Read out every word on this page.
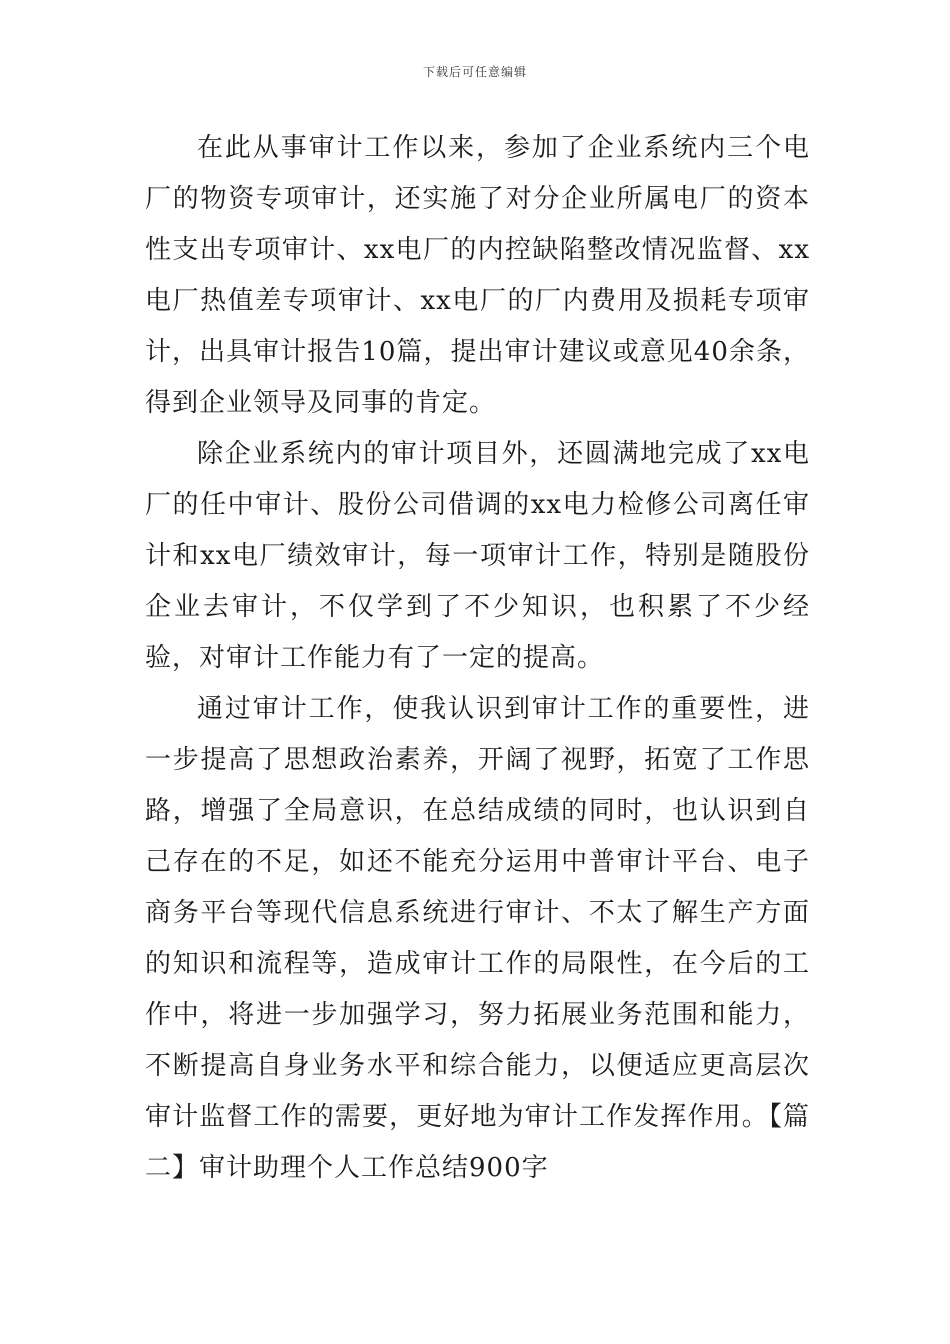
下载后可任意编辑

在此从事审计工作以来，参加了企业系统内三个电厂的物资专项审计，还实施了对分企业所属电厂的资本性支出专项审计、xx电厂的内控缺陷整改情况监督、xx电厂热值差专项审计、xx电厂的厂内费用及损耗专项审计，出具审计报告10篇，提出审计建议或意见40余条，得到企业领导及同事的肯定。

除企业系统内的审计项目外，还圆满地完成了xx电厂的任中审计、股份公司借调的xx电力检修公司离任审计和xx电厂绩效审计，每一项审计工作，特别是随股份企业去审计，不仅学到了不少知识，也积累了不少经验，对审计工作能力有了一定的提高。

通过审计工作，使我认识到审计工作的重要性，进一步提高了思想政治素养，开阔了视野，拓宽了工作思路，增强了全局意识，在总结成绩的同时，也认识到自己存在的不足，如还不能充分运用中普审计平台、电子商务平台等现代信息系统进行审计、不太了解生产方面的知识和流程等，造成审计工作的局限性，在今后的工作中，将进一步加强学习，努力拓展业务范围和能力，不断提高自身业务水平和综合能力，以便适应更高层次审计监督工作的需要，更好地为审计工作发挥作用。【篇二】审计助理个人工作总结900字
